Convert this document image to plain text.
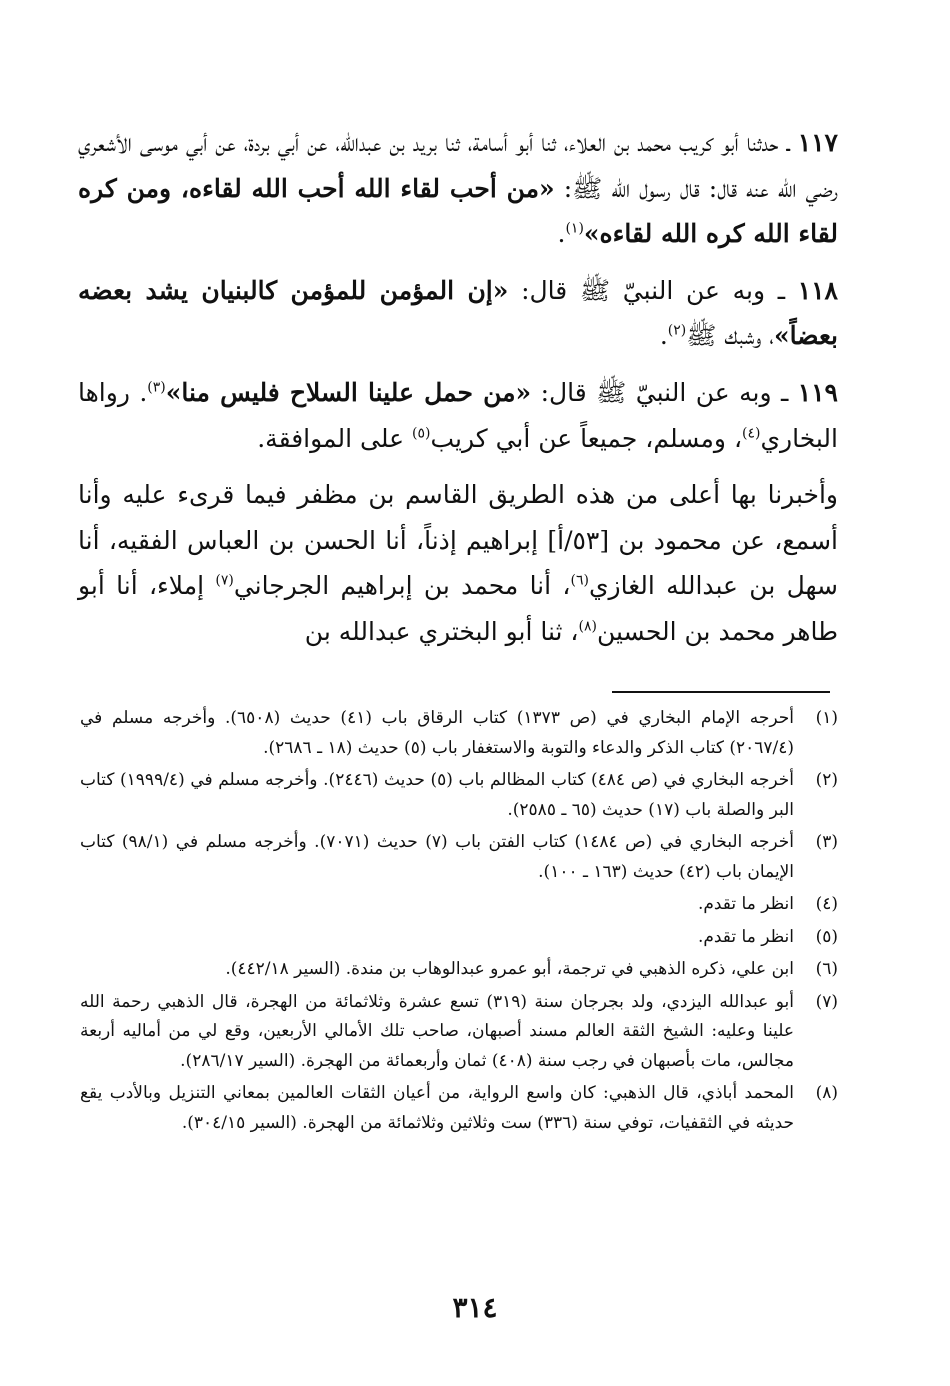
١١٧ ـ حدثنا أبو كريب محمد بن العلاء، ثنا أبو أسامة، ثنا بريد بن عبدالله، عن أبي بردة، عن أبي موسى الأشعري رضي الله عنه قال: قال رسول الله ﷺ: «من أحب لقاء الله أحب الله لقاءه، ومن كره لقاء الله كره الله لقاءه»$^{(١)}$.

١١٨ ـ وبه عن النبيّ ﷺ قال: «إن المؤمن للمؤمن كالبنيان يشد بعضه بعضاً»، وشبك ﷺ$^{(٢)}$.

١١٩ ـ وبه عن النبيّ ﷺ قال: «من حمل علينا السلاح فليس منا»$^{(٣)}$. رواها البخاري$^{(٤)}$، ومسلم، جميعاً عن أبي كريب$^{(٥)}$ على الموافقة.

وأخبرنا بها أعلى من هذه الطريق القاسم بن مظفر فيما قرىء عليه وأنا أسمع، عن محمود بن [٥٣/أ] إبراهيم إذناً، أنا الحسن بن العباس الفقيه، أنا سهل بن عبدالله الغازي$^{(٦)}$، أنا محمد بن إبراهيم الجرجاني$^{(٧)}$ إملاء، أنا أبو طاهر محمد بن الحسين$^{(٨)}$، ثنا أبو البختري عبدالله بن

(١)
أحرجه الإمام البخاري في (ص ١٣٧٣) كتاب الرقاق باب (٤١) حديث (٦٥٠٨). وأخرجه مسلم في (٢٠٦٧/٤) كتاب الذكر والدعاء والتوبة والاستغفار باب (٥) حديث (١٨ ـ ٢٦٨٦).
(٢)
أخرجه البخاري في (ص ٤٨٤) كتاب المظالم باب (٥) حديث (٢٤٤٦). وأخرجه مسلم في (١٩٩٩/٤) كتاب البر والصلة باب (١٧) حديث (٦٥ ـ ٢٥٨٥).
(٣)
أخرجه البخاري في (ص ١٤٨٤) كتاب الفتن باب (٧) حديث (٧٠٧١). وأخرجه مسلم في (٩٨/١) كتاب الإيمان باب (٤٢) حديث (١٦٣ ـ ١٠٠).
(٤)
انظر ما تقدم.
(٥)
انظر ما تقدم.
(٦)
ابن علي، ذكره الذهبي في ترجمة، أبو عمرو عبدالوهاب بن مندة. (السير ٤٤٢/١٨).
(٧)
أبو عبدالله اليزدي، ولد بجرجان سنة (٣١٩) تسع عشرة وثلاثمائة من الهجرة، قال الذهبي رحمة الله علينا وعليه: الشيخ الثقة العالم مسند أصبهان، صاحب تلك الأمالي الأربعين، وقع لي من أماليه أربعة مجالس، مات بأصبهان في رجب سنة (٤٠٨) ثمان وأربعمائة من الهجرة. (السير ٢٨٦/١٧).
(٨)
المحمد أباذي، قال الذهبي: كان واسع الرواية، من أعيان الثقات العالمين بمعاني التنزيل وبالأدب يقع حديثه في الثقفيات، توفي سنة (٣٣٦) ست وثلاثين وثلاثمائة من الهجرة. (السير ٣٠٤/١٥).
٣١٤
